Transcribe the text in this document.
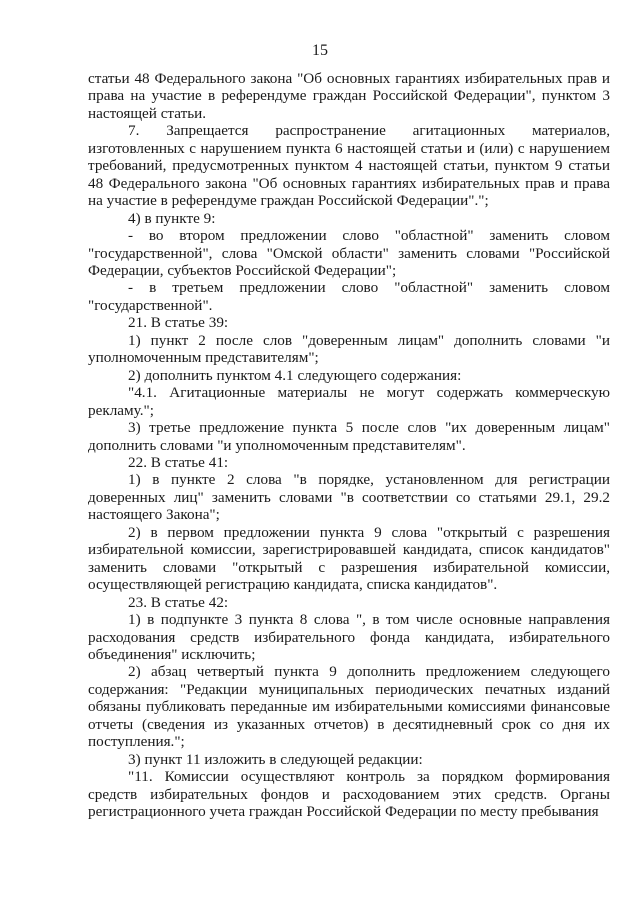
15

статьи 48 Федерального закона "Об основных гарантиях избирательных прав и права на участие в референдуме граждан Российской Федерации", пунктом 3 настоящей статьи.

7. Запрещается распространение агитационных материалов, изготовленных с нарушением пункта 6 настоящей статьи и (или) с нарушением требований, предусмотренных пунктом 4 настоящей статьи, пунктом 9 статьи 48 Федерального закона "Об основных гарантиях избирательных прав и права на участие в референдуме граждан Российской Федерации".";

4) в пункте 9:

- во втором предложении слово "областной" заменить словом "государственной", слова "Омской области" заменить словами "Российской Федерации, субъектов Российской Федерации";

- в третьем предложении слово "областной" заменить словом "государственной".

21. В статье 39:

1) пункт 2 после слов "доверенным лицам" дополнить словами "и уполномоченным представителям";

2) дополнить пунктом 4.1 следующего содержания:

"4.1. Агитационные материалы не могут содержать коммерческую рекламу.";

3) третье предложение пункта 5 после слов "их доверенным лицам" дополнить словами "и уполномоченным представителям".

22. В статье 41:

1) в пункте 2 слова "в порядке, установленном для регистрации доверенных лиц" заменить словами "в соответствии со статьями 29.1, 29.2 настоящего Закона";

2) в первом предложении пункта 9 слова "открытый с разрешения избирательной комиссии, зарегистрировавшей кандидата, список кандидатов" заменить словами "открытый с разрешения избирательной комиссии, осуществляющей регистрацию кандидата, списка кандидатов".

23. В статье 42:

1) в подпункте 3 пункта 8 слова ", в том числе основные направления расходования средств избирательного фонда кандидата, избирательного объединения" исключить;

2) абзац четвертый пункта 9 дополнить предложением следующего содержания: "Редакции муниципальных периодических печатных изданий обязаны публиковать переданные им избирательными комиссиями финансовые отчеты (сведения из указанных отчетов) в десятидневный срок со дня их поступления.";

3) пункт 11 изложить в следующей редакции:

"11. Комиссии осуществляют контроль за порядком формирования средств избирательных фондов и расходованием этих средств. Органы регистрационного учета граждан Российской Федерации по месту пребывания
